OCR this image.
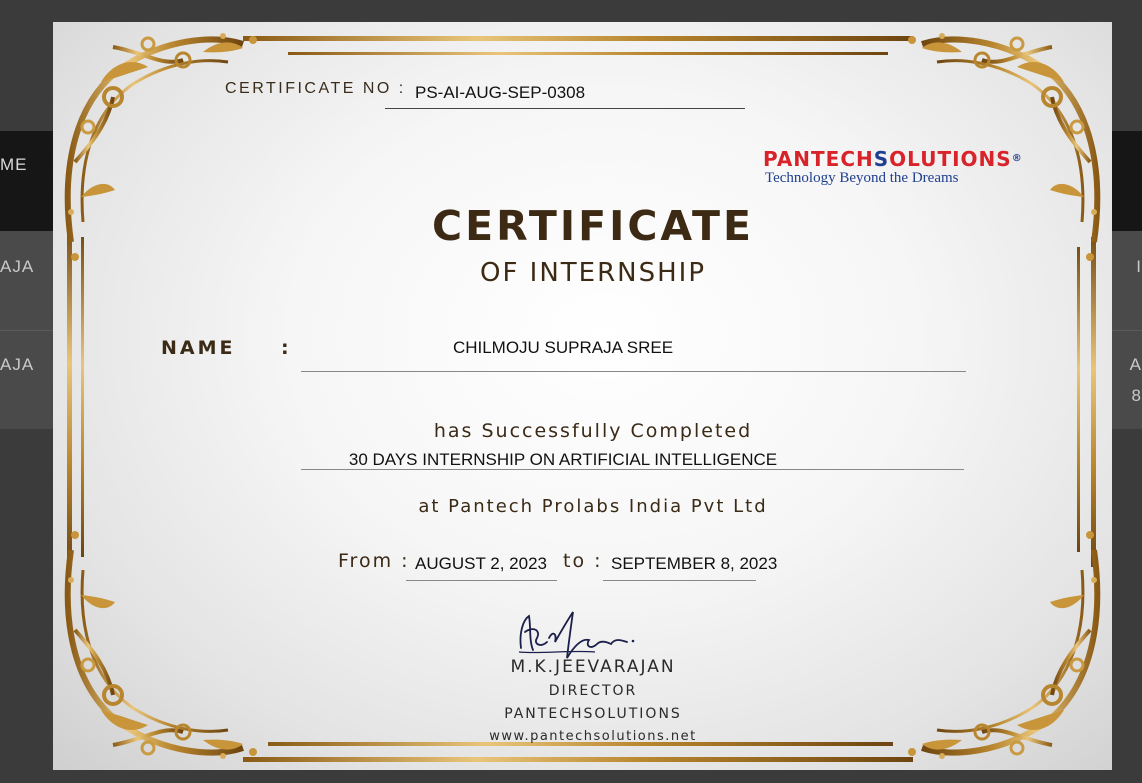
ME
AJA
AJA
I
A
8
CERTIFICATE NO : PS-AI-AUG-SEP-0308
PANTECHSOLUTIONS®
Technology Beyond the Dreams
CERTIFICATE
OF INTERNSHIP
NAME :	CHILMOJU SUPRAJA SREE
has Successfully Completed
30 DAYS INTERNSHIP ON ARTIFICIAL INTELLIGENCE
at Pantech Prolabs India Pvt Ltd
From : AUGUST 2, 2023 to : SEPTEMBER 8, 2023
M.K.JEEVARAJAN
DIRECTOR
PANTECHSOLUTIONS
www.pantechsolutions.net
